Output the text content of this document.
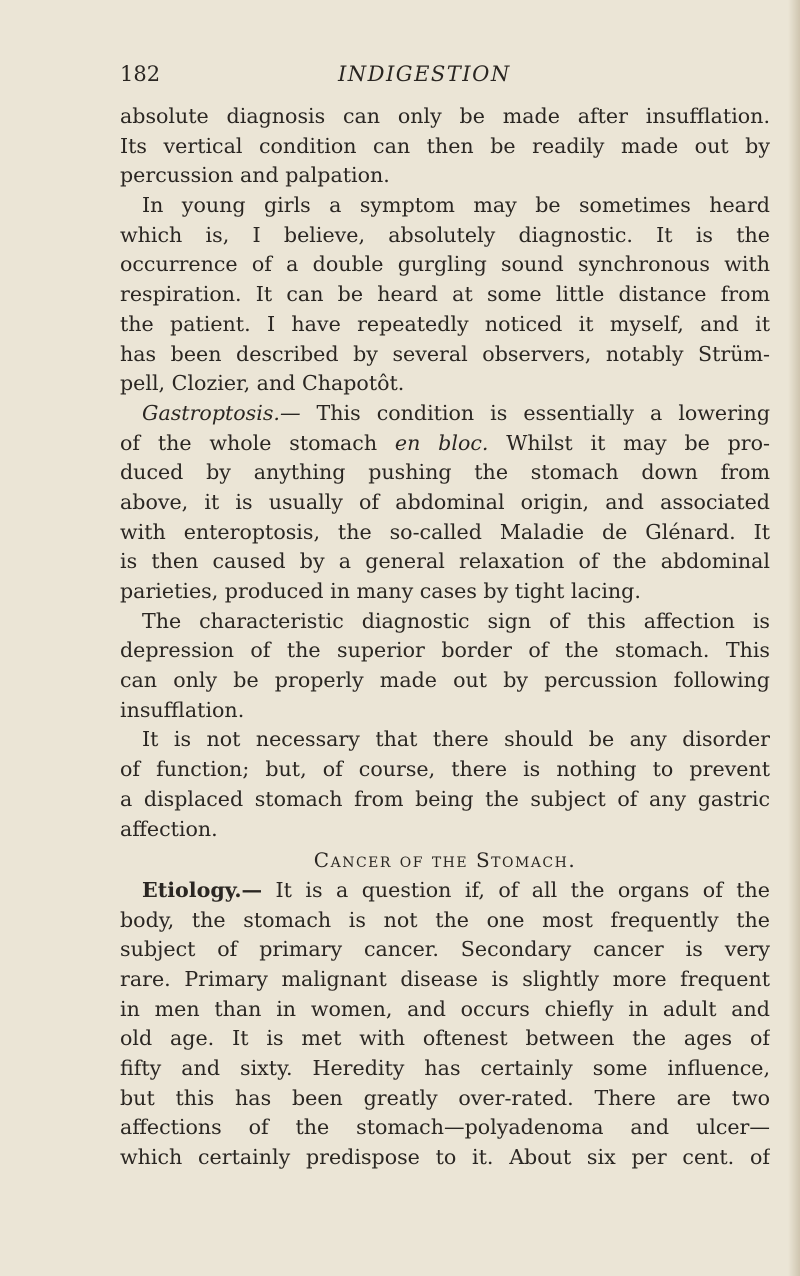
182	INDIGESTION
absolute diagnosis can only be made after insufflation.
Its vertical condition can then be readily made out by
percussion and palpation.
In young girls a symptom may be sometimes heard
which is, I believe, absolutely diagnostic. It is the
occurrence of a double gurgling sound synchronous with
respiration. It can be heard at some little distance from
the patient. I have repeatedly noticed it myself, and it
has been described by several observers, notably Strüm-
pell, Clozier, and Chapotôt.
Gastroptosis.— This condition is essentially a lowering
of the whole stomach en bloc. Whilst it may be pro-
duced by anything pushing the stomach down from
above, it is usually of abdominal origin, and associated
with enteroptosis, the so-called Maladie de Glénard. It
is then caused by a general relaxation of the abdominal
parieties, produced in many cases by tight lacing.
The characteristic diagnostic sign of this affection is
depression of the superior border of the stomach. This
can only be properly made out by percussion following
insufflation.
It is not necessary that there should be any disorder
of function; but, of course, there is nothing to prevent
a displaced stomach from being the subject of any gastric
affection.
Cancer of the Stomach.
Etiology.— It is a question if, of all the organs of the
body, the stomach is not the one most frequently the
subject of primary cancer. Secondary cancer is very
rare. Primary malignant disease is slightly more frequent
in men than in women, and occurs chiefly in adult and
old age. It is met with oftenest between the ages of
fifty and sixty. Heredity has certainly some influence,
but this has been greatly over-rated. There are two
affections of the stomach—polyadenoma and ulcer—
which certainly predispose to it. About six per cent. of
